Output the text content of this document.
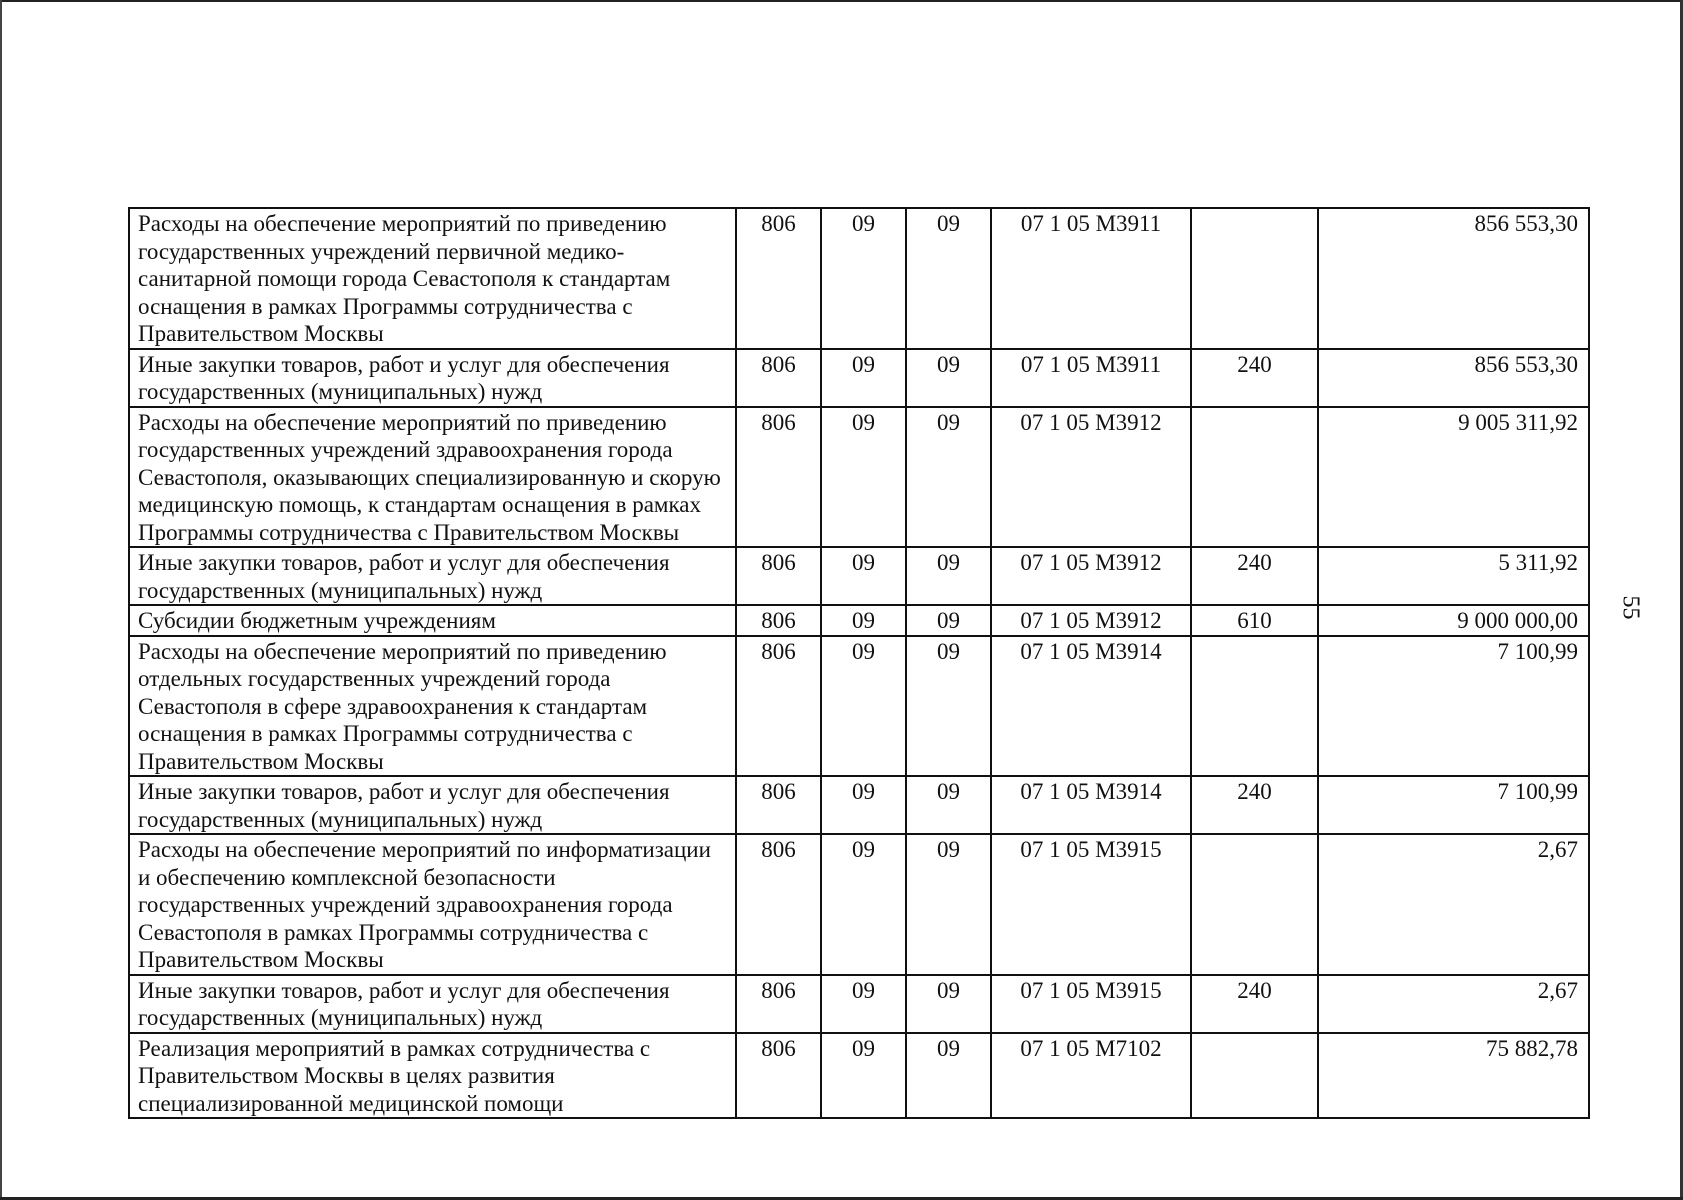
Расходы на обеспечение мероприятий по приведению государственных учреждений первичной медико-санитарной помощи города Севастополя к стандартам оснащения в рамках Программы сотрудничества с Правительством Москвы	806	09	09	07 1 05 М3911		856 553,30
Иные закупки товаров, работ и услуг для обеспечения государственных (муниципальных) нужд	806	09	09	07 1 05 М3911	240	856 553,30
Расходы на обеспечение мероприятий по приведению государственных учреждений здравоохранения города Севастополя, оказывающих специализированную и скорую медицинскую помощь, к стандартам оснащения в рамках Программы сотрудничества с Правительством Москвы	806	09	09	07 1 05 М3912		9 005 311,92
Иные закупки товаров, работ и услуг для обеспечения государственных (муниципальных) нужд	806	09	09	07 1 05 М3912	240	5 311,92
Субсидии бюджетным учреждениям	806	09	09	07 1 05 М3912	610	9 000 000,00
Расходы на обеспечение мероприятий по приведению отдельных государственных учреждений города Севастополя в сфере здравоохранения к стандартам оснащения в рамках Программы сотрудничества с Правительством Москвы	806	09	09	07 1 05 М3914		7 100,99
Иные закупки товаров, работ и услуг для обеспечения государственных (муниципальных) нужд	806	09	09	07 1 05 М3914	240	7 100,99
Расходы на обеспечение мероприятий по информатизации и обеспечению комплексной безопасности государственных учреждений здравоохранения города Севастополя в рамках Программы сотрудничества с Правительством Москвы	806	09	09	07 1 05 М3915		2,67
Иные закупки товаров, работ и услуг для обеспечения государственных (муниципальных) нужд	806	09	09	07 1 05 М3915	240	2,67
Реализация мероприятий в рамках сотрудничества с Правительством Москвы в целях развития специализированной медицинской помощи	806	09	09	07 1 05 М7102		75 882,78
55
